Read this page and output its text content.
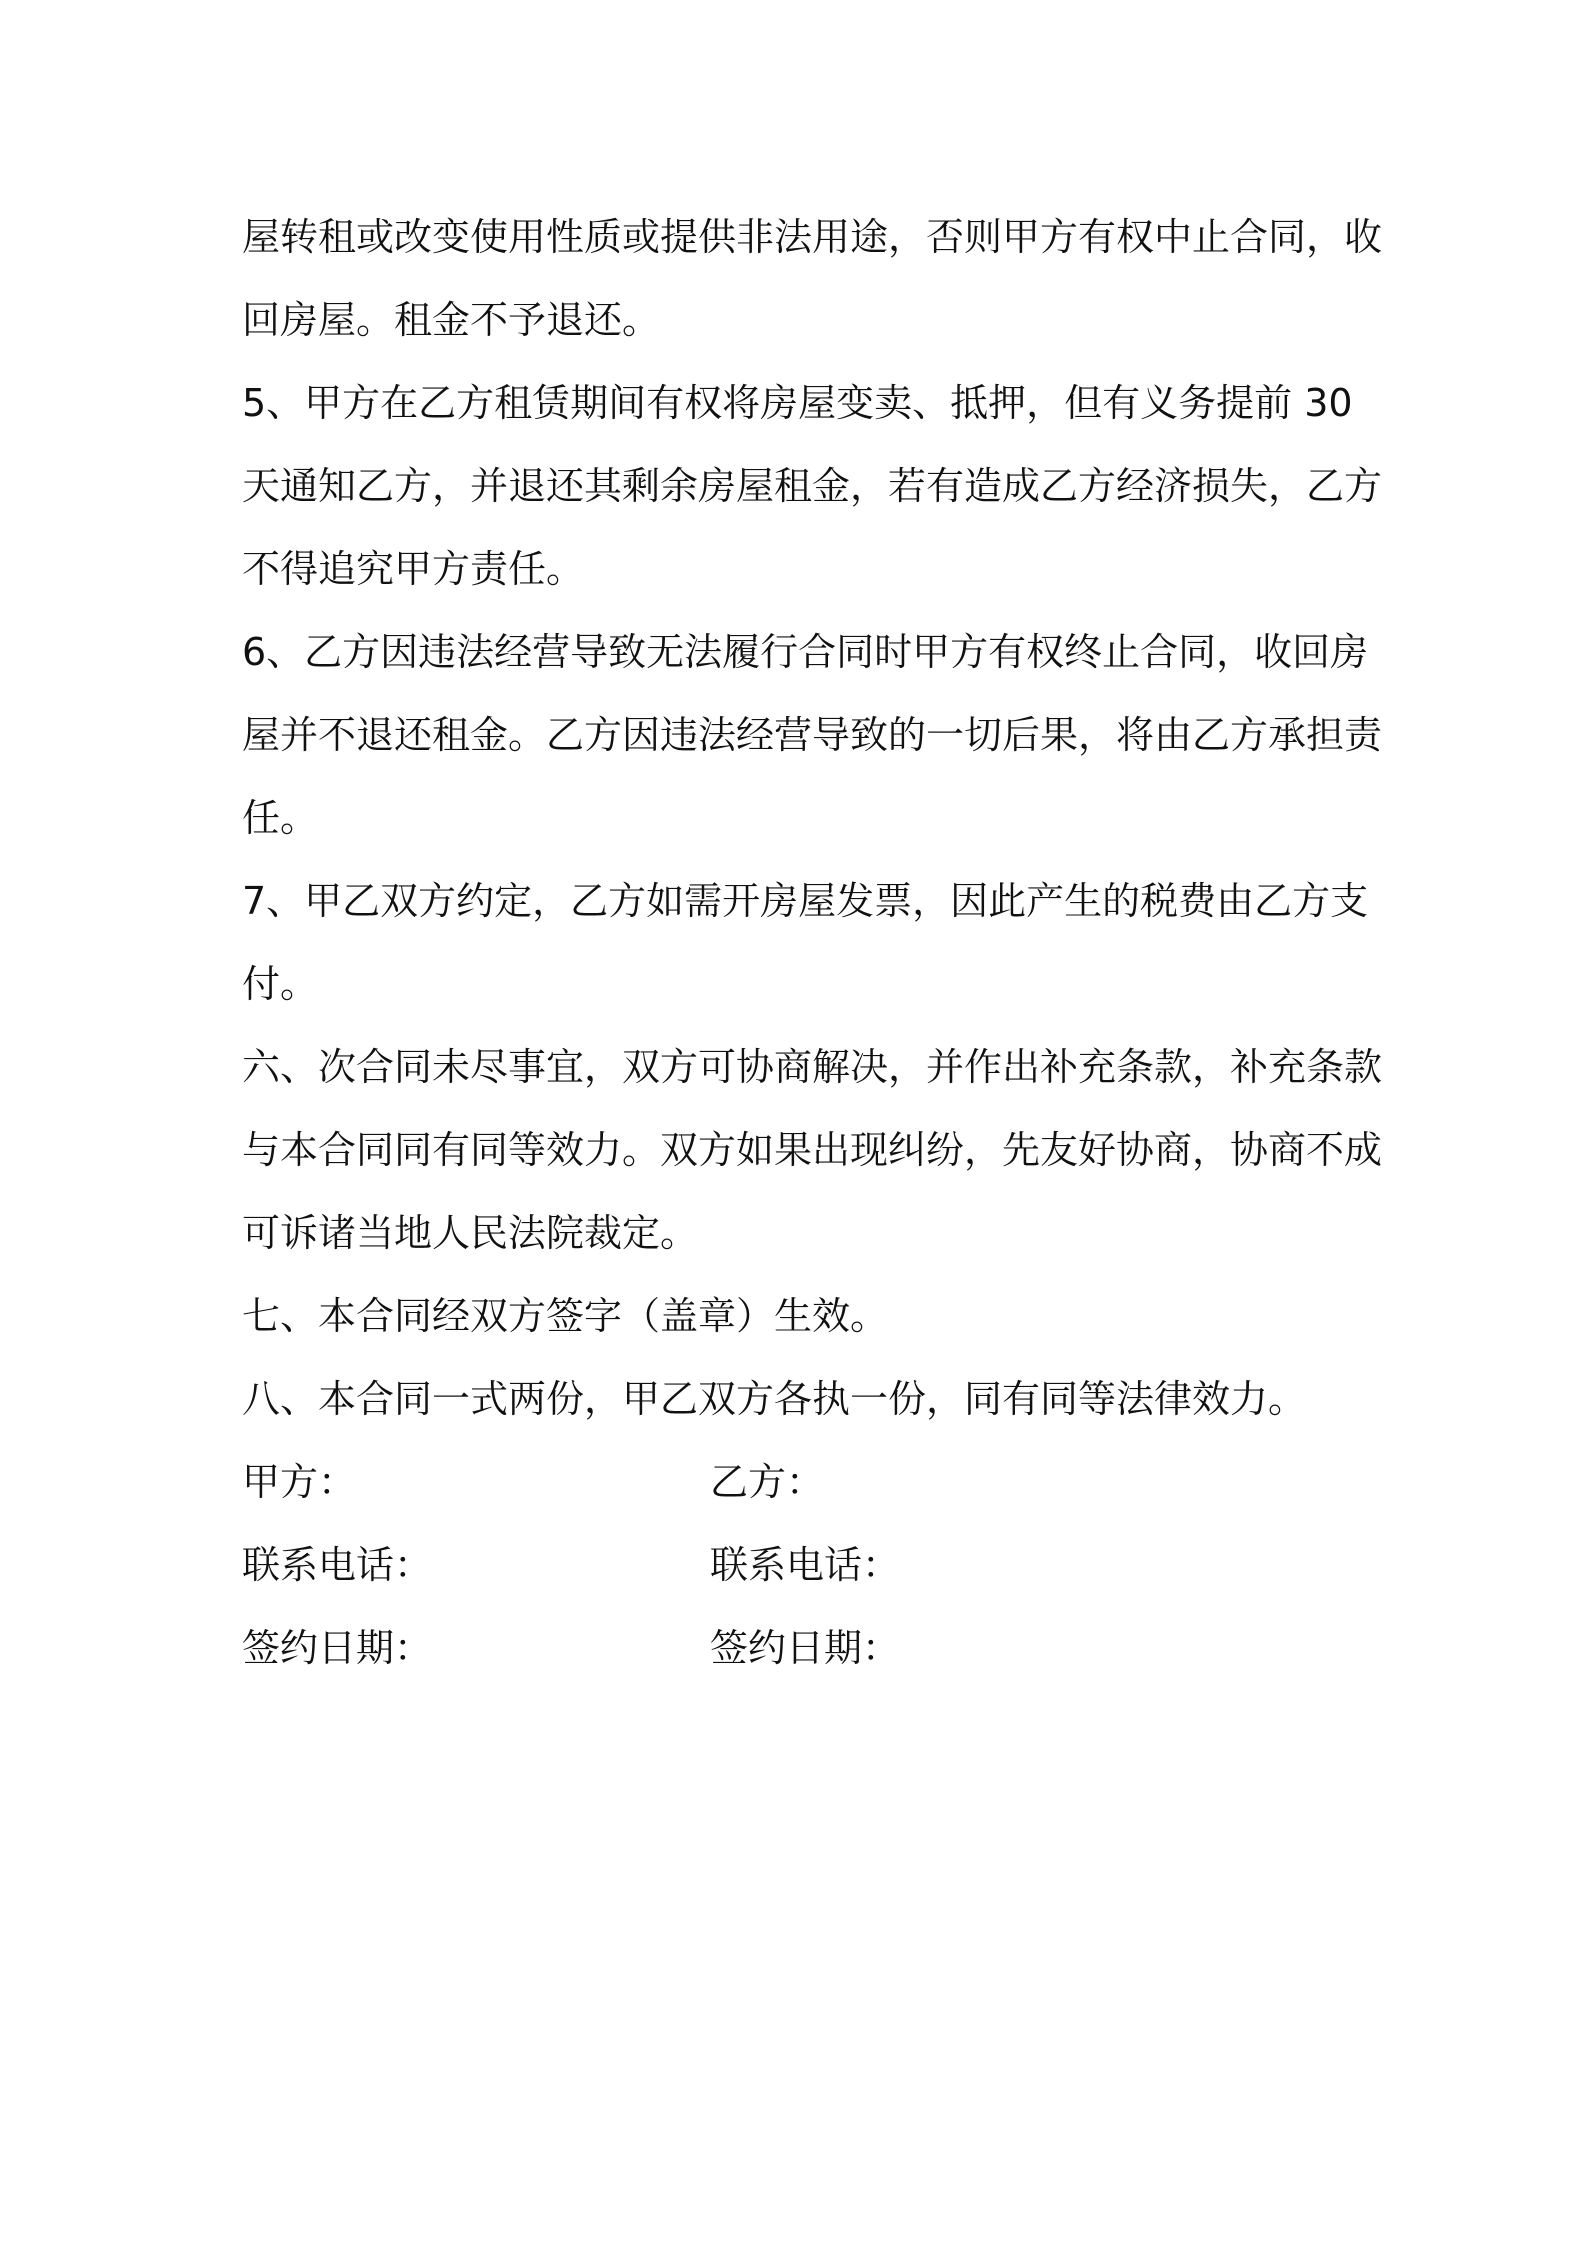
屋转租或改变使用性质或提供非法用途，否则甲方有权中止合同，收
回房屋。租金不予退还。
5、甲方在乙方租赁期间有权将房屋变卖、抵押，但有义务提前 30
天通知乙方，并退还其剩余房屋租金，若有造成乙方经济损失，乙方
不得追究甲方责任。
6、乙方因违法经营导致无法履行合同时甲方有权终止合同，收回房
屋并不退还租金。乙方因违法经营导致的一切后果，将由乙方承担责
任。
7、甲乙双方约定，乙方如需开房屋发票，因此产生的税费由乙方支
付。
六、次合同未尽事宜，双方可协商解决，并作出补充条款，补充条款
与本合同同有同等效力。双方如果出现纠纷，先友好协商，协商不成
可诉诸当地人民法院裁定。
七、本合同经双方签字（盖章）生效。
八、本合同一式两份，甲乙双方各执一份，同有同等法律效力。
甲方：	乙方：
联系电话：	联系电话：
签约日期：	签约日期：
